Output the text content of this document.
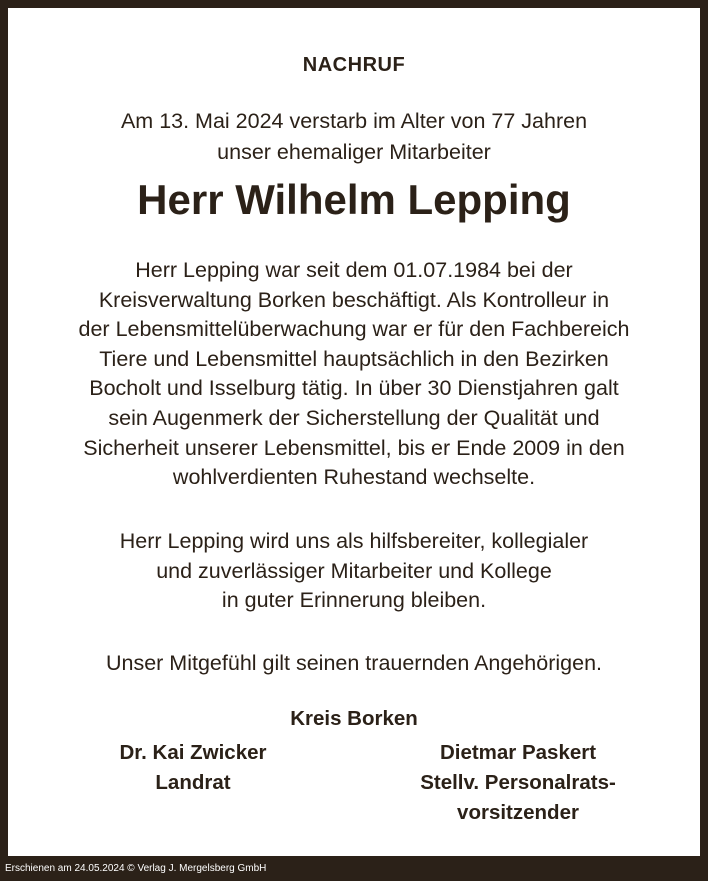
NACHRUF
Am 13. Mai 2024 verstarb im Alter von 77 Jahren
unser ehemaliger Mitarbeiter
Herr Wilhelm Lepping
Herr Lepping war seit dem 01.07.1984 bei der
Kreisverwaltung Borken beschäftigt. Als Kontrolleur in
der Lebensmittelüberwachung war er für den Fachbereich
Tiere und Lebensmittel hauptsächlich in den Bezirken
Bocholt und Isselburg tätig. In über 30 Dienstjahren galt
sein Augenmerk der Sicherstellung der Qualität und
Sicherheit unserer Lebensmittel, bis er Ende 2009 in den
wohlverdienten Ruhestand wechselte.
Herr Lepping wird uns als hilfsbereiter, kollegialer
und zuverlässiger Mitarbeiter und Kollege
in guter Erinnerung bleiben.
Unser Mitgefühl gilt seinen trauernden Angehörigen.
Kreis Borken
Dr. Kai Zwicker
Landrat
Dietmar Paskert
Stellv. Personalrats-
vorsitzender
Erschienen am 24.05.2024 © Verlag J. Mergelsberg GmbH
